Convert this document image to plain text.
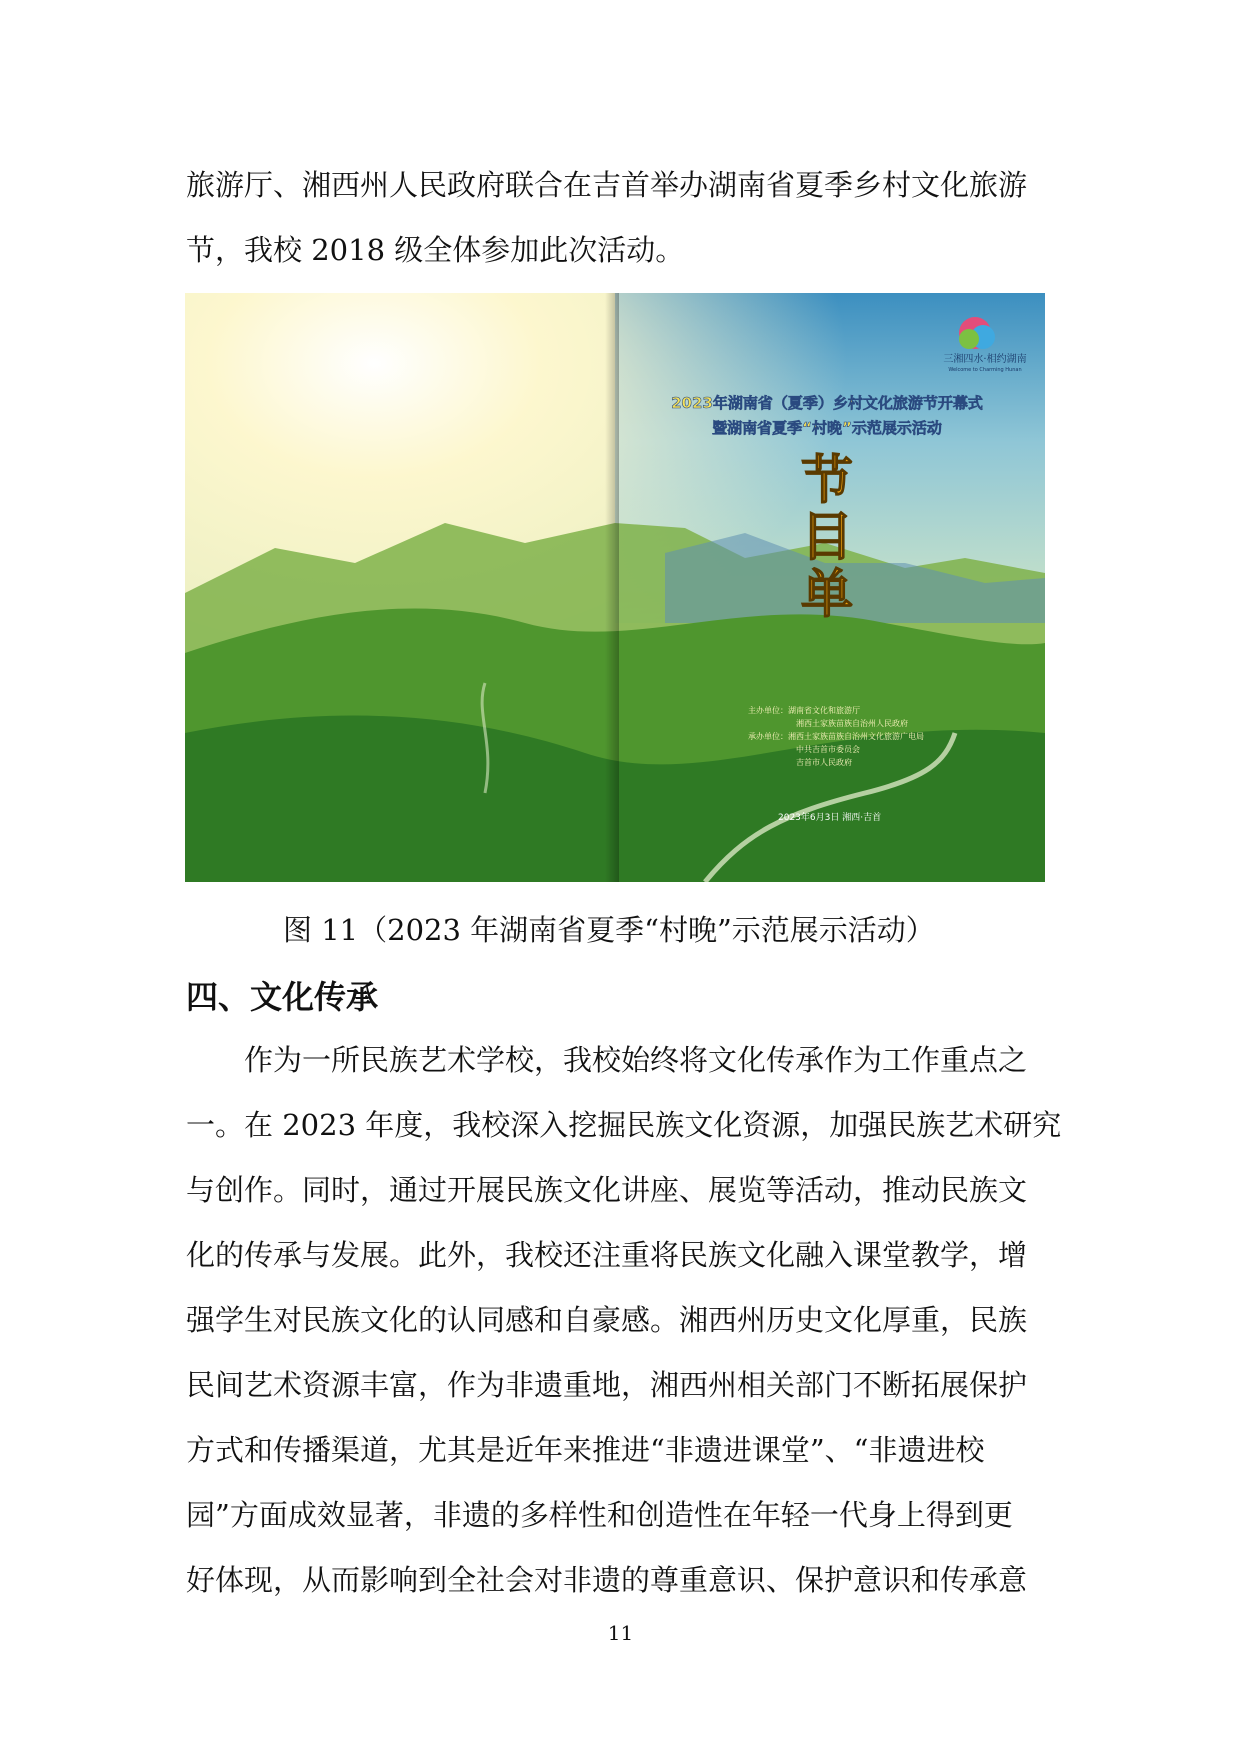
旅游厅、湘西州人民政府联合在吉首举办湖南省夏季乡村文化旅游
节，我校 2018 级全体参加此次活动。
三湘四水·相约湖南
Welcome to Charming Hunan
2023年湖南省（夏季）乡村文化旅游节开幕式
暨湖南省夏季“村晚”示范展示活动
节
目
单
主办单位：湖南省文化和旅游厅
湘西土家族苗族自治州人民政府
承办单位：湘西土家族苗族自治州文化旅游广电局
中共吉首市委员会
吉首市人民政府
2023年6月3日 湘西·吉首
图 11（2023 年湖南省夏季“村晚”示范展示活动）
四、文化传承
作为一所民族艺术学校，我校始终将文化传承作为工作重点之
一。在 2023 年度，我校深入挖掘民族文化资源，加强民族艺术研究
与创作。同时，通过开展民族文化讲座、展览等活动，推动民族文
化的传承与发展。此外，我校还注重将民族文化融入课堂教学，增
强学生对民族文化的认同感和自豪感。湘西州历史文化厚重，民族
民间艺术资源丰富，作为非遗重地，湘西州相关部门不断拓展保护
方式和传播渠道，尤其是近年来推进“非遗进课堂”、“非遗进校
园”方面成效显著，非遗的多样性和创造性在年轻一代身上得到更
好体现，从而影响到全社会对非遗的尊重意识、保护意识和传承意
11
